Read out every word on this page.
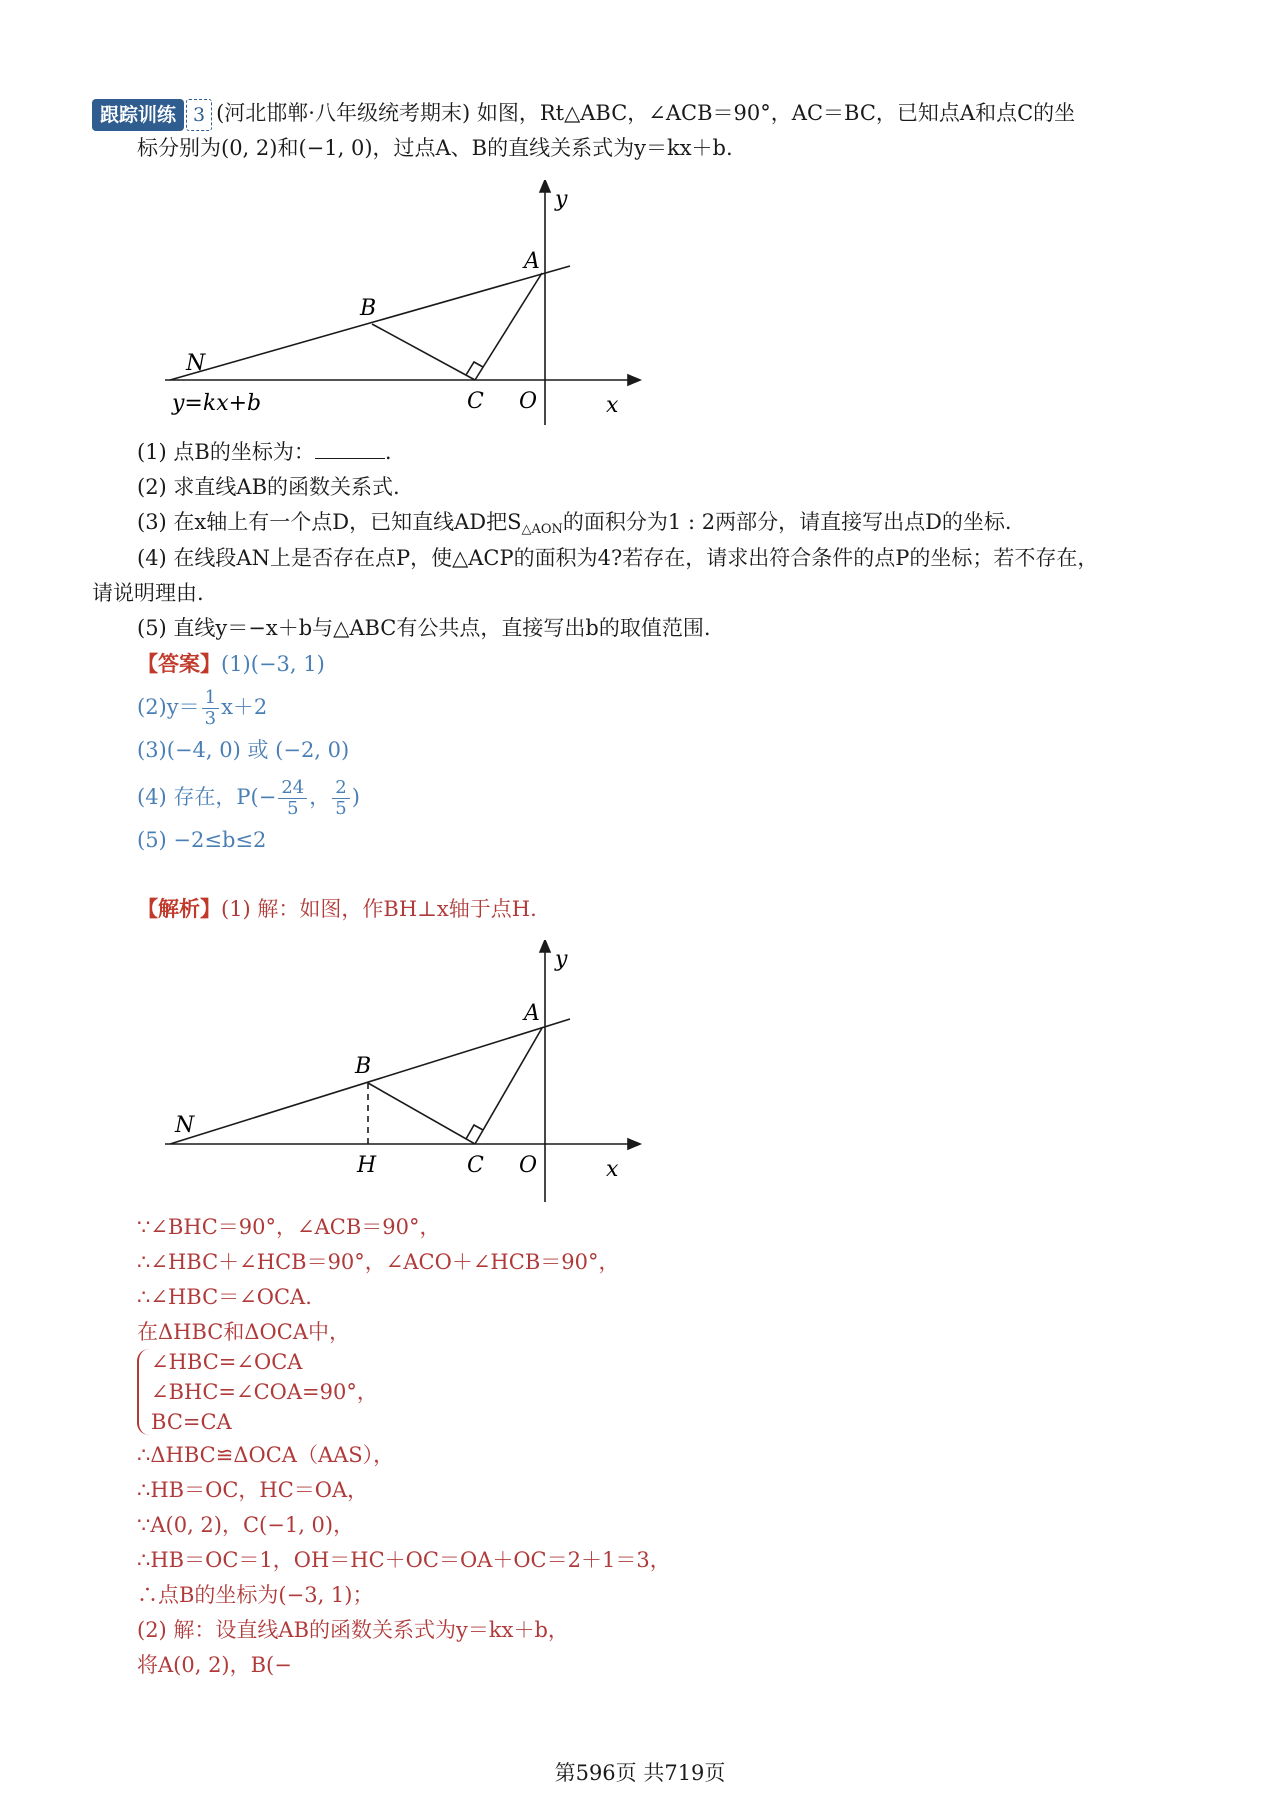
跟踪训练 3 (河北邯郸·八年级统考期末) 如图，Rt△ABC，∠ACB＝90°，AC＝BC，已知点A和点C的坐
标分别为(0, 2)和(−1, 0)，过点A、B的直线关系式为y＝kx＋b.
y
A
B
N
C O	x
y=kx+b
(1) 点B的坐标为：	.
(2) 求直线AB的函数关系式.
(3) 在x轴上有一个点D，已知直线AD把$S_{\triangle AON}$的面积分为1 : 2两部分，请直接写出点D的坐标.
(4) 在线段AN上是否存在点P，使△ACP的面积为4?若存在，请求出符合条件的点P的坐标；若不存在，
请说明理由.
(5) 直线y＝−x＋b与△ABC有公共点，直接写出b的取值范围.
【答案】(1)(−3, 1)
$(2)y= \frac{1}{3} x+2$
(3)(−4, 0) 或 (−2, 0)
(4) 存在，$P(- \frac{24}{5}$ ， $\frac{2}{5}$ )
(5) −2≤b≤2
【解析】(1) 解：如图，作BH⊥x轴于点H.
y
A
B
N
H	C O	x
∵∠BHC＝90°，∠ACB＝90°，
∴∠HBC＋∠HCB＝90°，∠ACO＋∠HCB＝90°，
∴∠HBC＝∠OCA.
在ΔHBC和ΔOCA中，
∠HBC=∠OCA
∠BHC=∠COA=90°，
BC=CA
∴ΔHBC≌ΔOCA（AAS），
∴HB＝OC，HC＝OA，
∵A(0, 2)，C(−1, 0)，
∴HB＝OC＝1，OH＝HC＋OC＝OA＋OC＝2＋1＝3，
∴点B的坐标为(−3, 1)；
(2) 解：设直线AB的函数关系式为y＝kx＋b，
将A(0, 2)，B(−
第596页 共719页
